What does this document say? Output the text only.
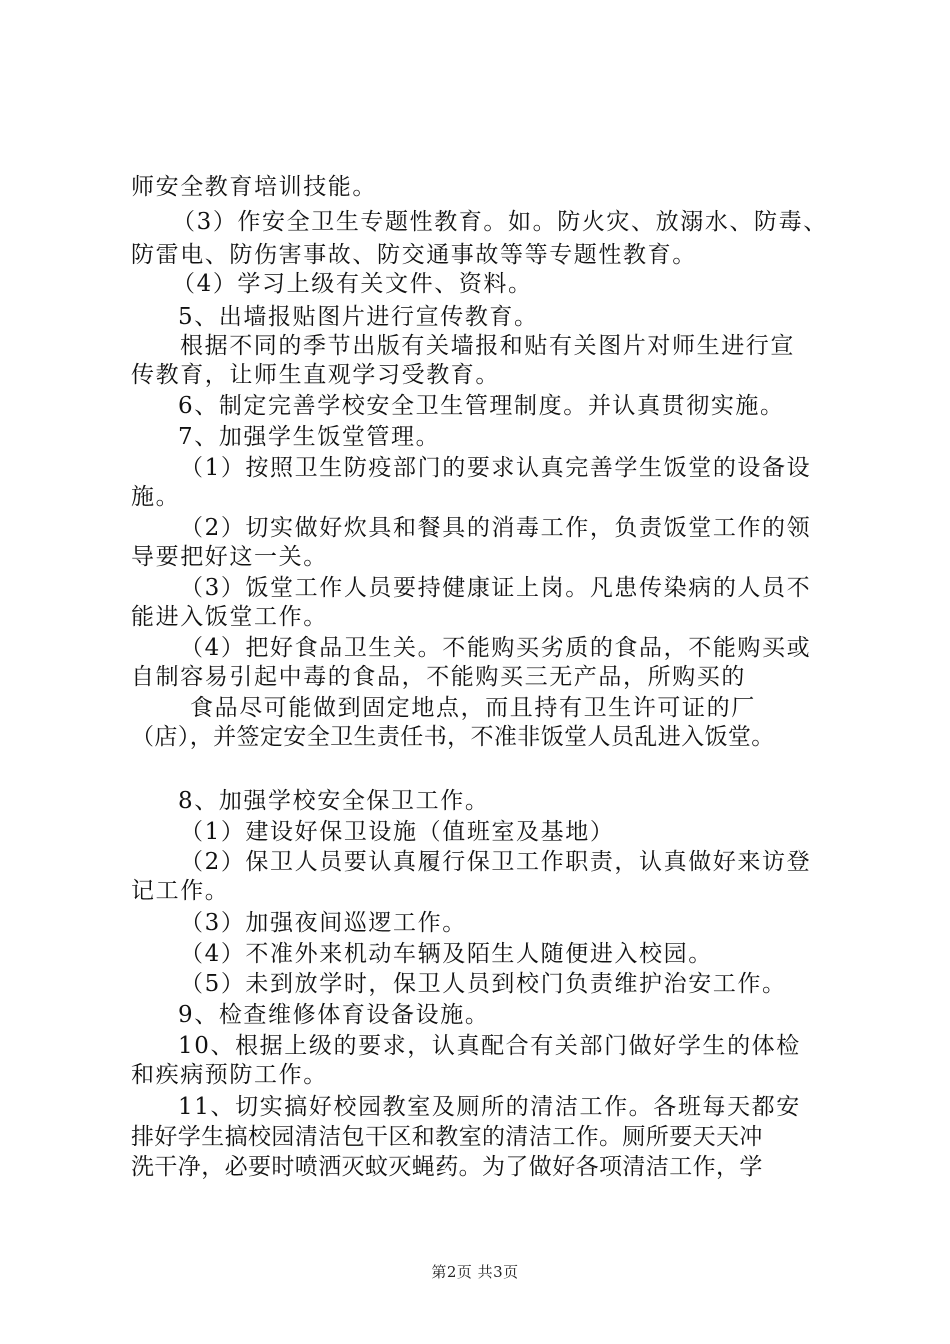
师安全教育培训技能。
（3）作安全卫生专题性教育。如。防火灾、放溺水、防毒、
防雷电、防伤害事故、防交通事故等等专题性教育。
（4）学习上级有关文件、资料。
5、出墙报贴图片进行宣传教育。
根据不同的季节出版有关墙报和贴有关图片对师生进行宣
传教育，让师生直观学习受教育。
6、制定完善学校安全卫生管理制度。并认真贯彻实施。
7、加强学生饭堂管理。
（1）按照卫生防疫部门的要求认真完善学生饭堂的设备设
施。
（2）切实做好炊具和餐具的消毒工作，负责饭堂工作的领
导要把好这一关。
（3）饭堂工作人员要持健康证上岗。凡患传染病的人员不
能进入饭堂工作。
（4）把好食品卫生关。不能购买劣质的食品，不能购买或
自制容易引起中毒的食品，不能购买三无产品，所购买的
食品尽可能做到固定地点，而且持有卫生许可证的厂
（店），并签定安全卫生责任书，不准非饭堂人员乱进入饭堂。
8、加强学校安全保卫工作。
（1）建设好保卫设施（值班室及基地）
（2）保卫人员要认真履行保卫工作职责，认真做好来访登
记工作。
（3）加强夜间巡逻工作。
（4）不准外来机动车辆及陌生人随便进入校园。
（5）未到放学时，保卫人员到校门负责维护治安工作。
9、检查维修体育设备设施。
10、根据上级的要求，认真配合有关部门做好学生的体检
和疾病预防工作。
11、切实搞好校园教室及厕所的清洁工作。各班每天都安
排好学生搞校园清洁包干区和教室的清洁工作。厕所要天天冲
洗干净，必要时喷洒灭蚊灭蝇药。为了做好各项清洁工作，学
第2页 共3页
